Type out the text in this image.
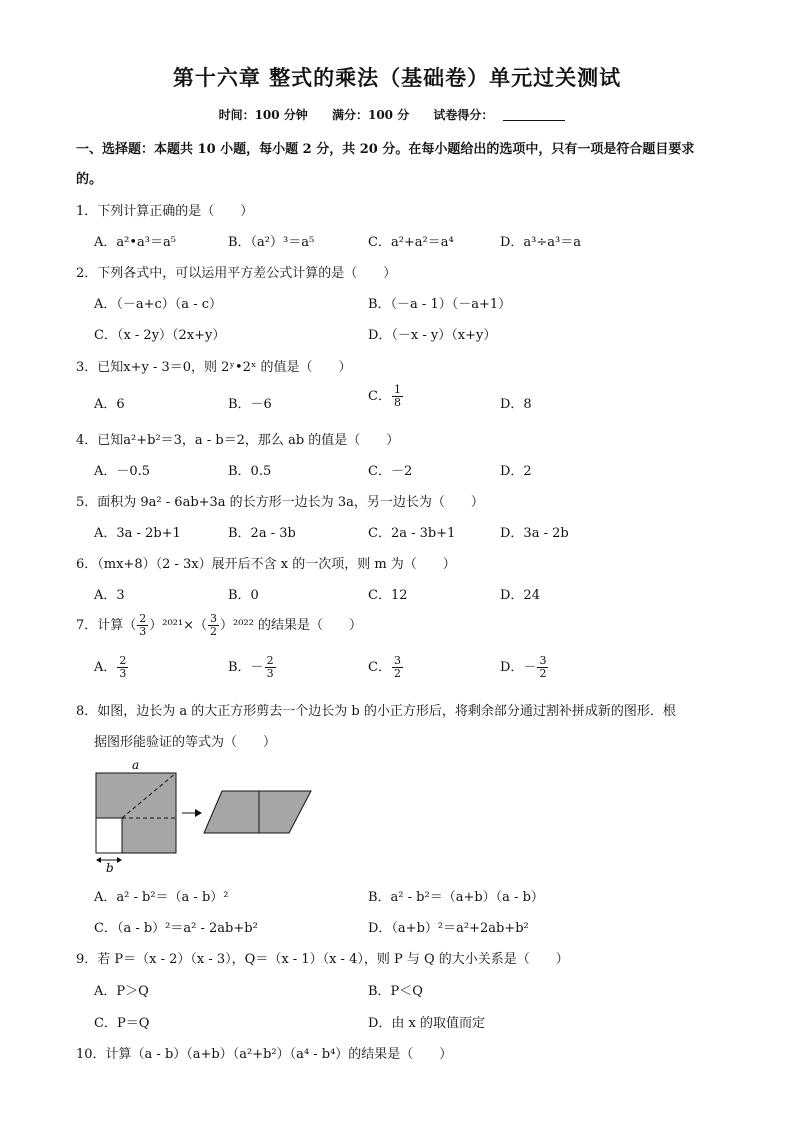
第十六章 整式的乘法（基础卷）单元过关测试
时间：100 分钟 满分：100 分 试卷得分：
一、选择题：本题共 10 小题，每小题 2 分，共 20 分。在每小题给出的选项中，只有一项是符合题目要求
的。
1．下列计算正确的是（　　）
A．a²•a³＝a⁵	B．（a²）³＝a⁵	C．a²+a²＝a⁴	D．a³÷a³＝a
2．下列各式中，可以运用平方差公式计算的是（　　）
A．（－a+c）（a - c）	B．（－a - 1）（－a+1）
C．（x - 2y）（2x+y）	D．（－x - y）（x+y）
3．已知x+y - 3＝0，则 2ʸ•2ˣ 的值是（　　）
A．6	B．－6
C． $\frac{1}{8}$	D．8
4．已知a²+b²＝3，a - b＝2，那么 ab 的值是（　　）
A．－0.5	B．0.5	C．－2	D．2
5．面积为 9a² - 6ab+3a 的长方形一边长为 3a，另一边长为（　　）
A．3a - 2b+1	B．2a - 3b	C．2a - 3b+1	D．3a - 2b
6．（mx+8）（2 - 3x）展开后不含 x 的一次项，则 m 为（　　）
A．3	B．0	C．12	D．24
7．计算（ $\frac{2}{3} )^{2021}\times( \frac{3}{2} )^{2022}$ 的结果是（　　）
A． $\frac{2}{3}$	B．－ $\frac{2}{3}$	C． $\frac{3}{2}$	D．－ $\frac{3}{2}$
8．如图，边长为 a 的大正方形剪去一个边长为 b 的小正方形后，将剩余部分通过割补拼成新的图形．根
据图形能验证的等式为（　　）
a
b
A．a² - b²＝（a - b）²	B．a² - b²＝（a+b）（a - b）
C．（a - b）²＝a² - 2ab+b²	D．（a+b）²＝a²+2ab+b²
9．若 P＝（x - 2）（x - 3），Q＝（x - 1）（x - 4），则 P 与 Q 的大小关系是（　　）
A．P＞Q	B．P＜Q
C．P＝Q	D．由 x 的取值而定
10．计算（a - b）（a+b）（a²+b²）（a⁴ - b⁴）的结果是（　　）
